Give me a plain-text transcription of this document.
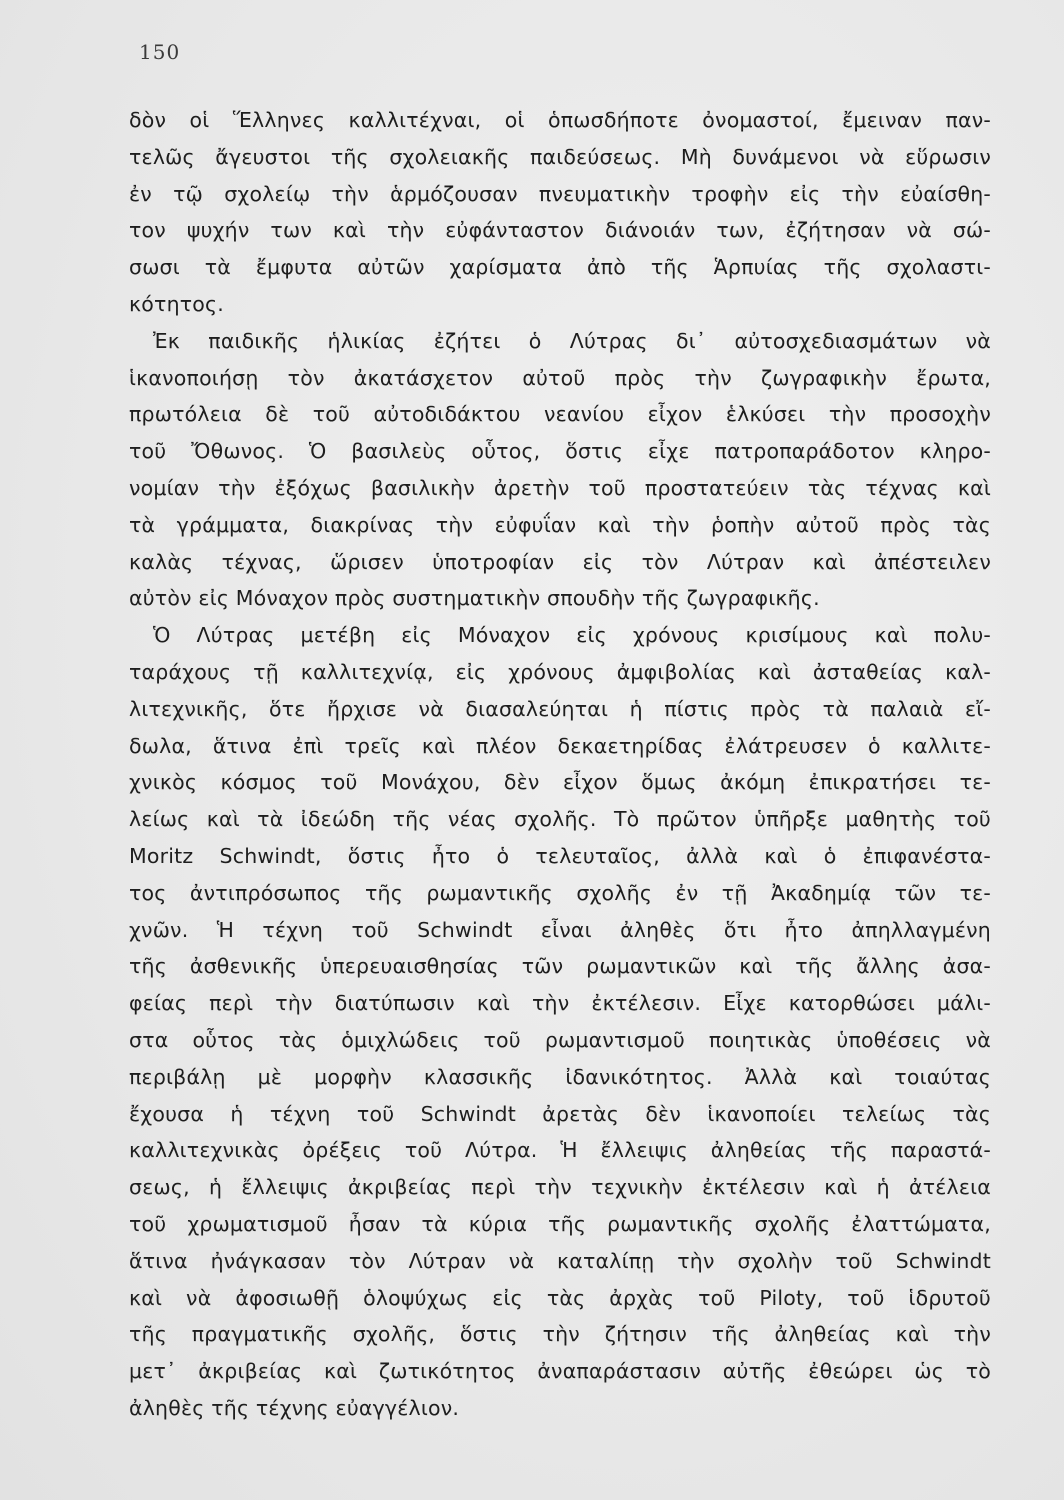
150
δὸν οἱ Ἕλληνες καλλιτέχναι, οἱ ὁπωσδήποτε ὀνομαστοί, ἔμειναν παν-
τελῶς ἄγευστοι τῆς σχολειακῆς παιδεύσεως. Μὴ δυνάμενοι νὰ εὕρωσιν
ἐν τῷ σχολείῳ τὴν ἁρμόζουσαν πνευματικὴν τροφὴν εἰς τὴν εὐαίσθη-
τον ψυχήν των καὶ τὴν εὐφάνταστον διάνοιάν των, ἐζήτησαν νὰ σώ-
σωσι τὰ ἔμφυτα αὐτῶν χαρίσματα ἀπὸ τῆς Ἁρπυίας τῆς σχολαστι-
κότητος.
Ἐκ παιδικῆς ἡλικίας ἐζήτει ὁ Λύτρας δι᾽ αὐτοσχεδιασμάτων νὰ
ἱκανοποιήσῃ τὸν ἀκατάσχετον αὐτοῦ πρὸς τὴν ζωγραφικὴν ἔρωτα,
πρωτόλεια δὲ τοῦ αὐτοδιδάκτου νεανίου εἶχον ἑλκύσει τὴν προσοχὴν
τοῦ Ὄθωνος. Ὁ βασιλεὺς οὗτος, ὅστις εἶχε πατροπαράδοτον κληρο-
νομίαν τὴν ἐξόχως βασιλικὴν ἀρετὴν τοῦ προστατεύειν τὰς τέχνας καὶ
τὰ γράμματα, διακρίνας τὴν εὐφυΐαν καὶ τὴν ῥοπὴν αὐτοῦ πρὸς τὰς
καλὰς τέχνας, ὥρισεν ὑποτροφίαν εἰς τὸν Λύτραν καὶ ἀπέστειλεν
αὐτὸν εἰς Μόναχον πρὸς συστηματικὴν σπουδὴν τῆς ζωγραφικῆς.
Ὁ Λύτρας μετέβη εἰς Μόναχον εἰς χρόνους κρισίμους καὶ πολυ-
ταράχους τῇ καλλιτεχνίᾳ, εἰς χρόνους ἀμφιβολίας καὶ ἀσταθείας καλ-
λιτεχνικῆς, ὅτε ἤρχισε νὰ διασαλεύηται ἡ πίστις πρὸς τὰ παλαιὰ εἴ-
δωλα, ἅτινα ἐπὶ τρεῖς καὶ πλέον δεκαετηρίδας ἐλάτρευσεν ὁ καλλιτε-
χνικὸς κόσμος τοῦ Μονάχου, δὲν εἶχον ὅμως ἀκόμη ἐπικρατήσει τε-
λείως καὶ τὰ ἰδεώδη τῆς νέας σχολῆς. Τὸ πρῶτον ὑπῆρξε μαθητὴς τοῦ
Moritz Schwindt, ὅστις ἦτο ὁ τελευταῖος, ἀλλὰ καὶ ὁ ἐπιφανέστα-
τος ἀντιπρόσωπος τῆς ρωμαντικῆς σχολῆς ἐν τῇ Ἀκαδημίᾳ τῶν τε-
χνῶν. Ἡ τέχνη τοῦ Schwindt εἶναι ἀληθὲς ὅτι ἦτο ἀπηλλαγμένη
τῆς ἀσθενικῆς ὑπερευαισθησίας τῶν ρωμαντικῶν καὶ τῆς ἄλλης ἀσα-
φείας περὶ τὴν διατύπωσιν καὶ τὴν ἐκτέλεσιν. Εἶχε κατορθώσει μάλι-
στα οὗτος τὰς ὁμιχλώδεις τοῦ ρωμαντισμοῦ ποιητικὰς ὑποθέσεις νὰ
περιβάλῃ μὲ μορφὴν κλασσικῆς ἰδανικότητος. Ἀλλὰ καὶ τοιαύτας
ἔχουσα ἡ τέχνη τοῦ Schwindt ἀρετὰς δὲν ἱκανοποίει τελείως τὰς
καλλιτεχνικὰς ὀρέξεις τοῦ Λύτρα. Ἡ ἔλλειψις ἀληθείας τῆς παραστά-
σεως, ἡ ἔλλειψις ἀκριβείας περὶ τὴν τεχνικὴν ἐκτέλεσιν καὶ ἡ ἀτέλεια
τοῦ χρωματισμοῦ ἦσαν τὰ κύρια τῆς ρωμαντικῆς σχολῆς ἐλαττώματα,
ἅτινα ἠνάγκασαν τὸν Λύτραν νὰ καταλίπῃ τὴν σχολὴν τοῦ Schwindt
καὶ νὰ ἀφοσιωθῇ ὁλοψύχως εἰς τὰς ἀρχὰς τοῦ Piloty, τοῦ ἱδρυτοῦ
τῆς πραγματικῆς σχολῆς, ὅστις τὴν ζήτησιν τῆς ἀληθείας καὶ τὴν
μετ᾽ ἀκριβείας καὶ ζωτικότητος ἀναπαράστασιν αὐτῆς ἐθεώρει ὡς τὸ
ἀληθὲς τῆς τέχνης εὐαγγέλιον.
